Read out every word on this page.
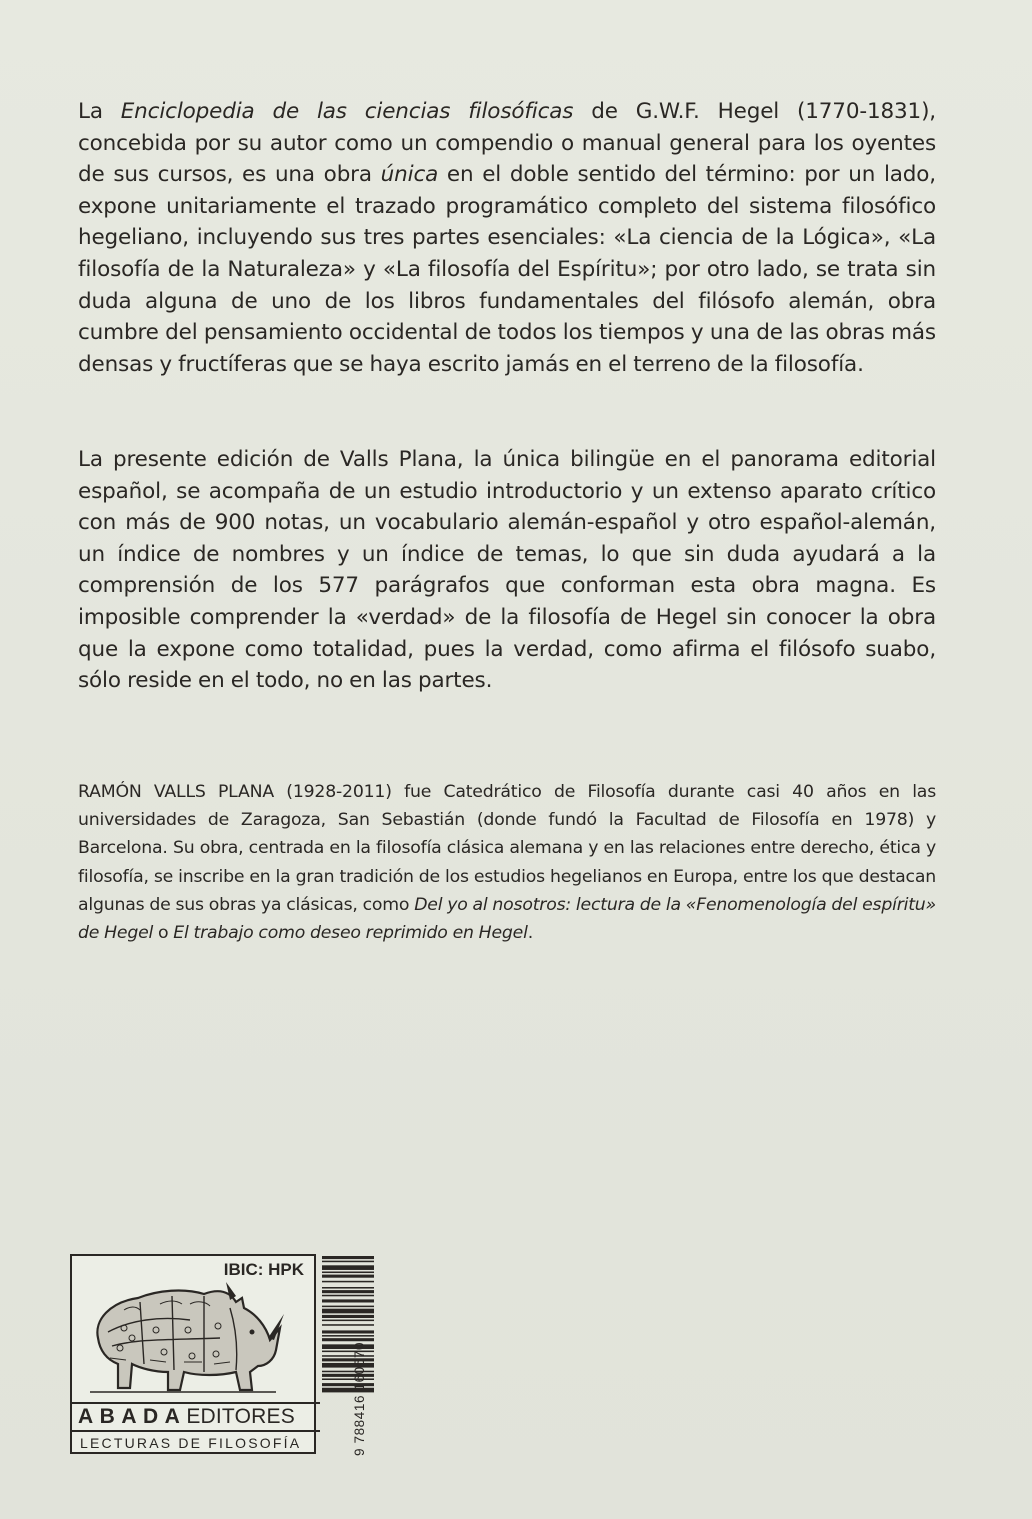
La Enciclopedia de las ciencias filosóficas de G.W.F. Hegel (1770-1831), concebida por su autor como un compendio o manual general para los oyentes de sus cursos, es una obra única en el doble sentido del término: por un lado, expone unitariamente el trazado programático completo del sistema filosófico hegeliano, incluyendo sus tres partes esenciales: «La ciencia de la Lógica», «La filosofía de la Naturaleza» y «La filosofía del Espíritu»; por otro lado, se trata sin duda alguna de uno de los libros fundamentales del filósofo alemán, obra cumbre del pensamiento occidental de todos los tiempos y una de las obras más densas y fructíferas que se haya escrito jamás en el terreno de la filosofía.

La presente edición de Valls Plana, la única bilingüe en el panorama editorial español, se acompaña de un estudio introductorio y un extenso aparato crítico con más de 900 notas, un vocabulario alemán-español y otro español-alemán, un índice de nombres y un índice de temas, lo que sin duda ayudará a la comprensión de los 577 parágrafos que conforman esta obra magna. Es imposible comprender la «verdad» de la filosofía de Hegel sin conocer la obra que la expone como totalidad, pues la verdad, como afirma el filósofo suabo, sólo reside en el todo, no en las partes.

RAMÓN VALLS PLANA (1928-2011) fue Catedrático de Filosofía durante casi 40 años en las universidades de Zaragoza, San Sebastián (donde fundó la Facultad de Filosofía en 1978) y Barcelona. Su obra, centrada en la filosofía clásica alemana y en las relaciones entre derecho, ética y filosofía, se inscribe en la gran tradición de los estudios hegelianos en Europa, entre los que destacan algunas de sus obras ya clásicas, como Del yo al nosotros: lectura de la «Fenomenología del espíritu» de Hegel o El trabajo como deseo reprimido en Hegel.

IBIC: HPK
ABADAEDITORES
LECTURAS DE FILOSOFÍA	9 788416 160570
